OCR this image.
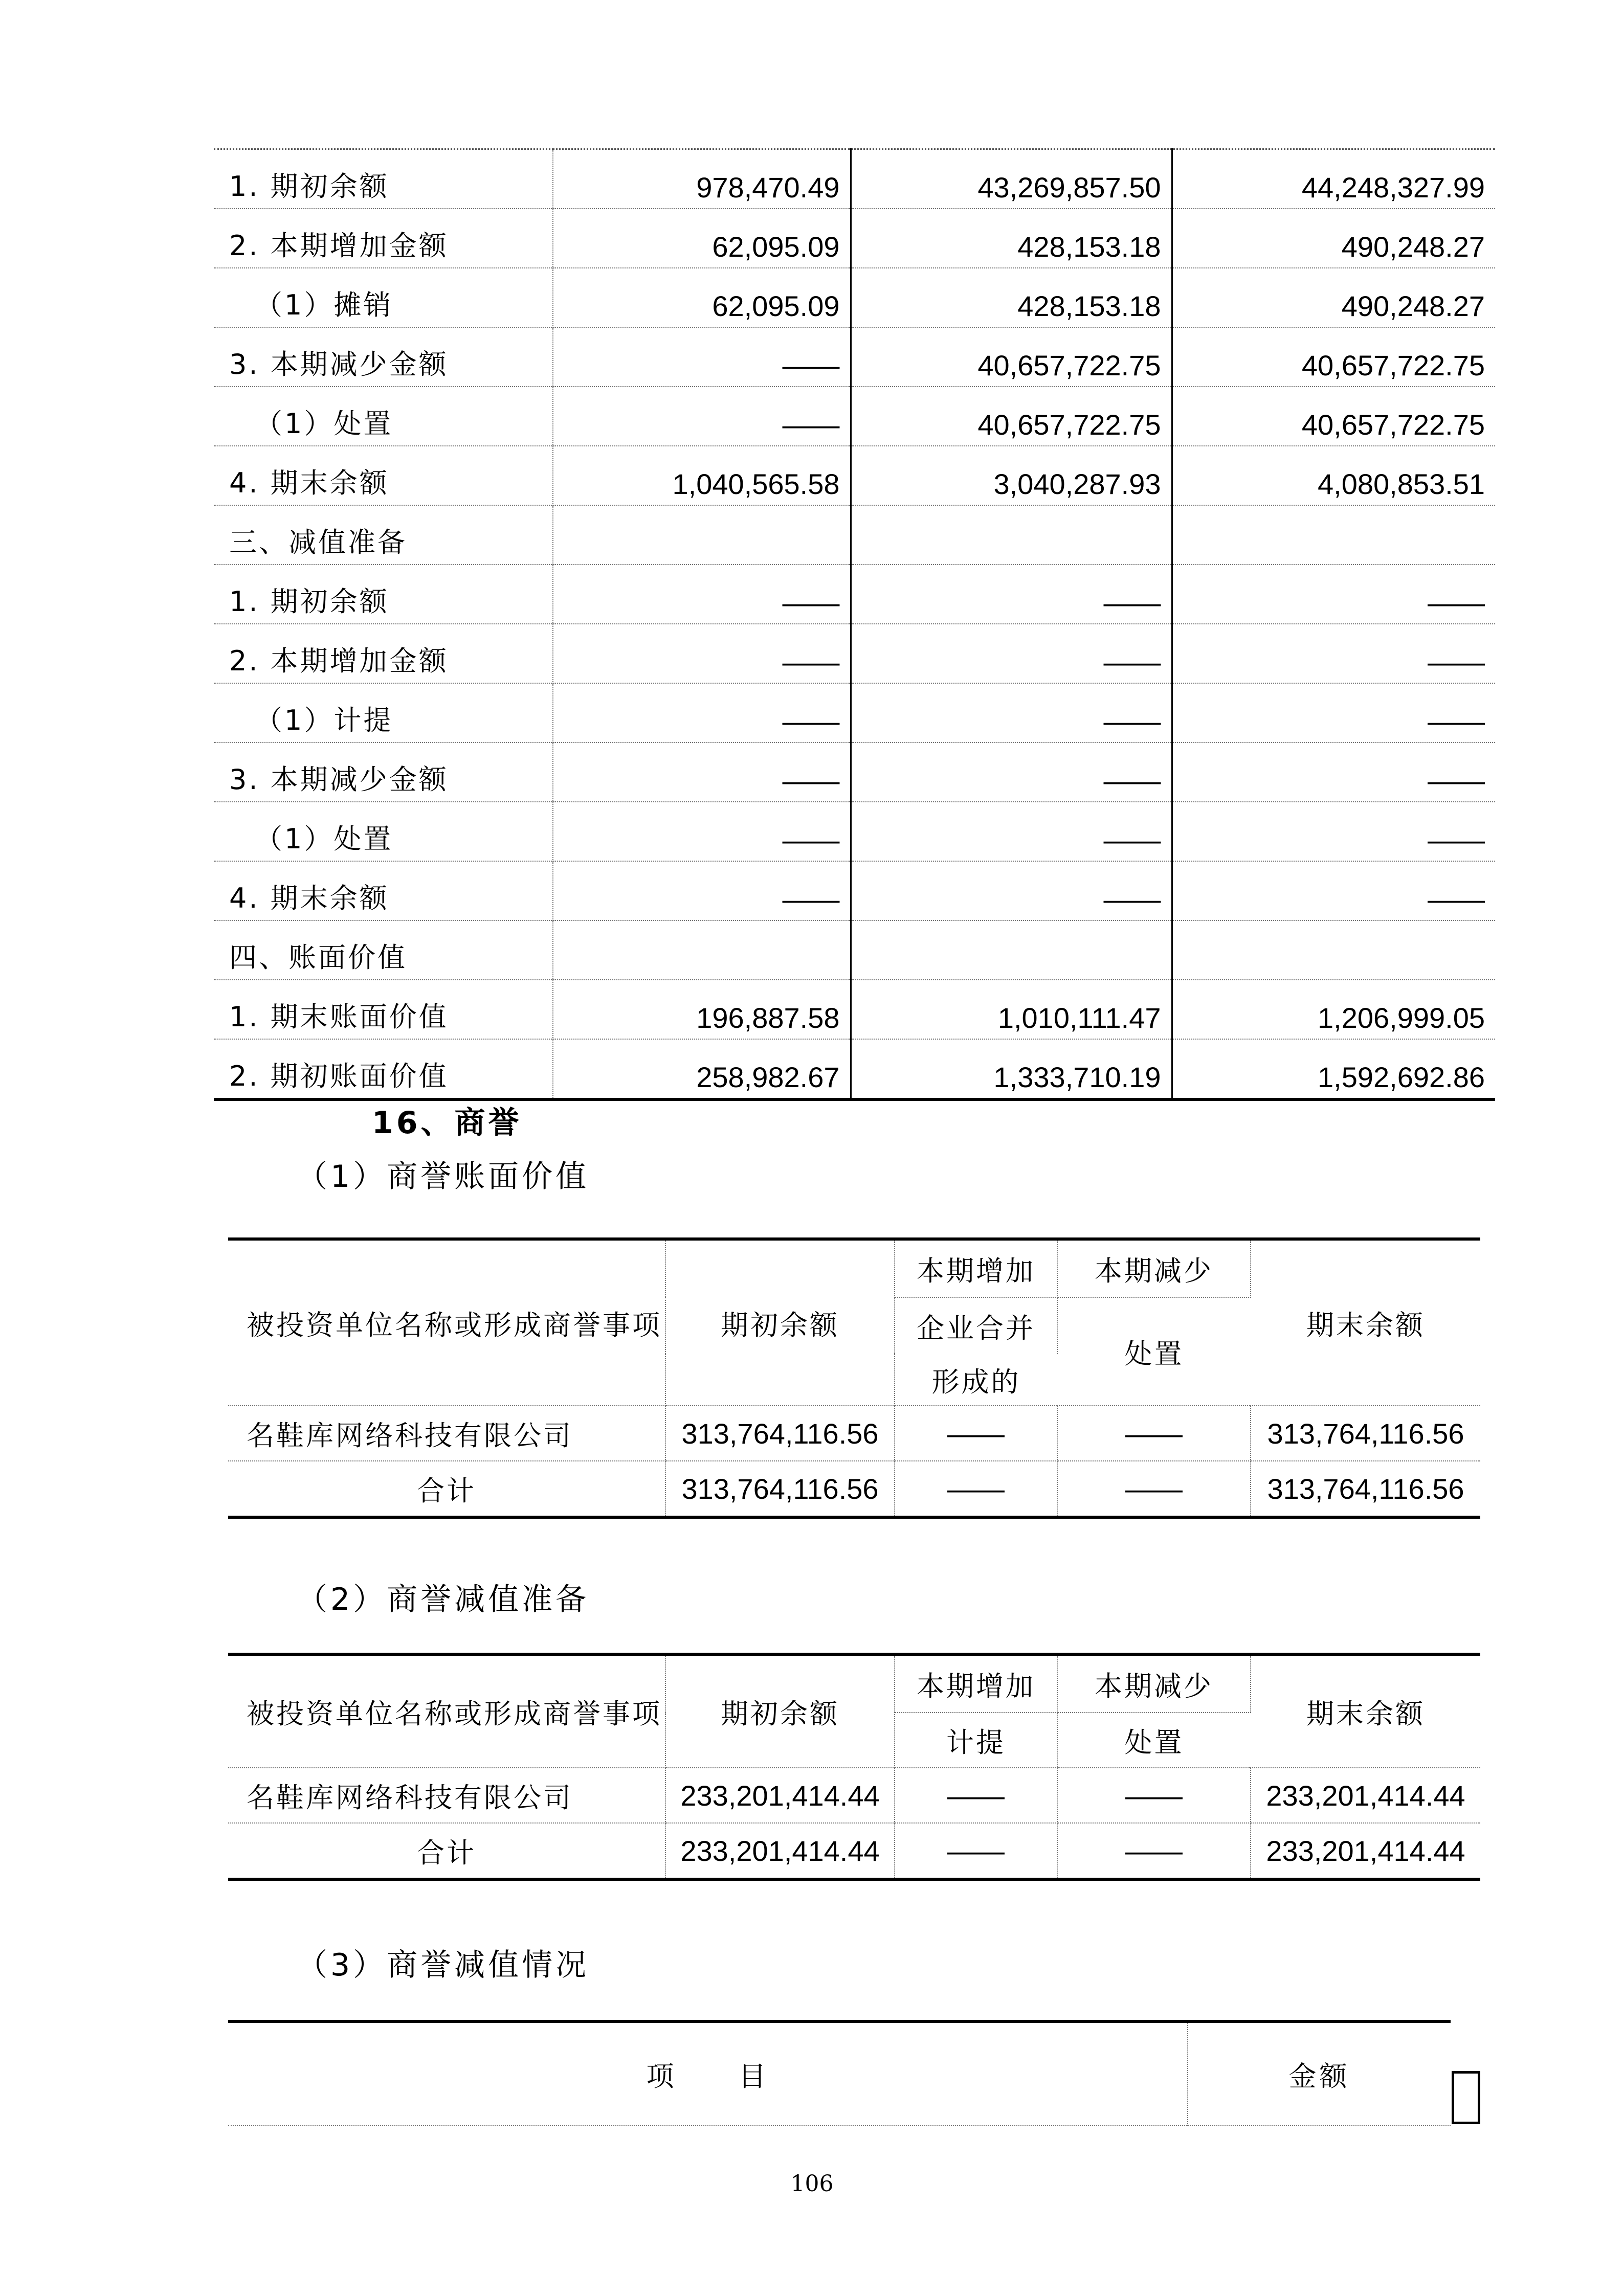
1. 期初余额	978,470.49	43,269,857.50	44,248,327.99
2. 本期增加金额	62,095.09	428,153.18	490,248.27
（1）摊销	62,095.09	428,153.18	490,248.27
3. 本期减少金额	——	40,657,722.75	40,657,722.75
（1）处置	——	40,657,722.75	40,657,722.75
4. 期末余额	1,040,565.58	3,040,287.93	4,080,853.51
三、减值准备			
1. 期初余额	——	——	——
2. 本期增加金额	——	——	——
（1）计提	——	——	——
3. 本期减少金额	——	——	——
（1）处置	——	——	——
4. 期末余额	——	——	——
四、账面价值			
1. 期末账面价值	196,887.58	1,010,111.47	1,206,999.05
2. 期初账面价值	258,982.67	1,333,710.19	1,592,692.86
16、商誉
（1）商誉账面价值
被投资单位名称或形成商誉事项	期初余额	本期增加	本期减少	期末余额
		企业合并	处置	
		形成的		
名鞋库网络科技有限公司	313,764,116.56	——	——	313,764,116.56
合计	313,764,116.56	——	——	313,764,116.56
（2）商誉减值准备
被投资单位名称或形成商誉事项	期初余额	本期增加	本期减少	期末余额
		计提	处置	
名鞋库网络科技有限公司	233,201,414.44	——	——	233,201,414.44
合计	233,201,414.44	——	——	233,201,414.44
（3）商誉减值情况
项　　目	金额
106
